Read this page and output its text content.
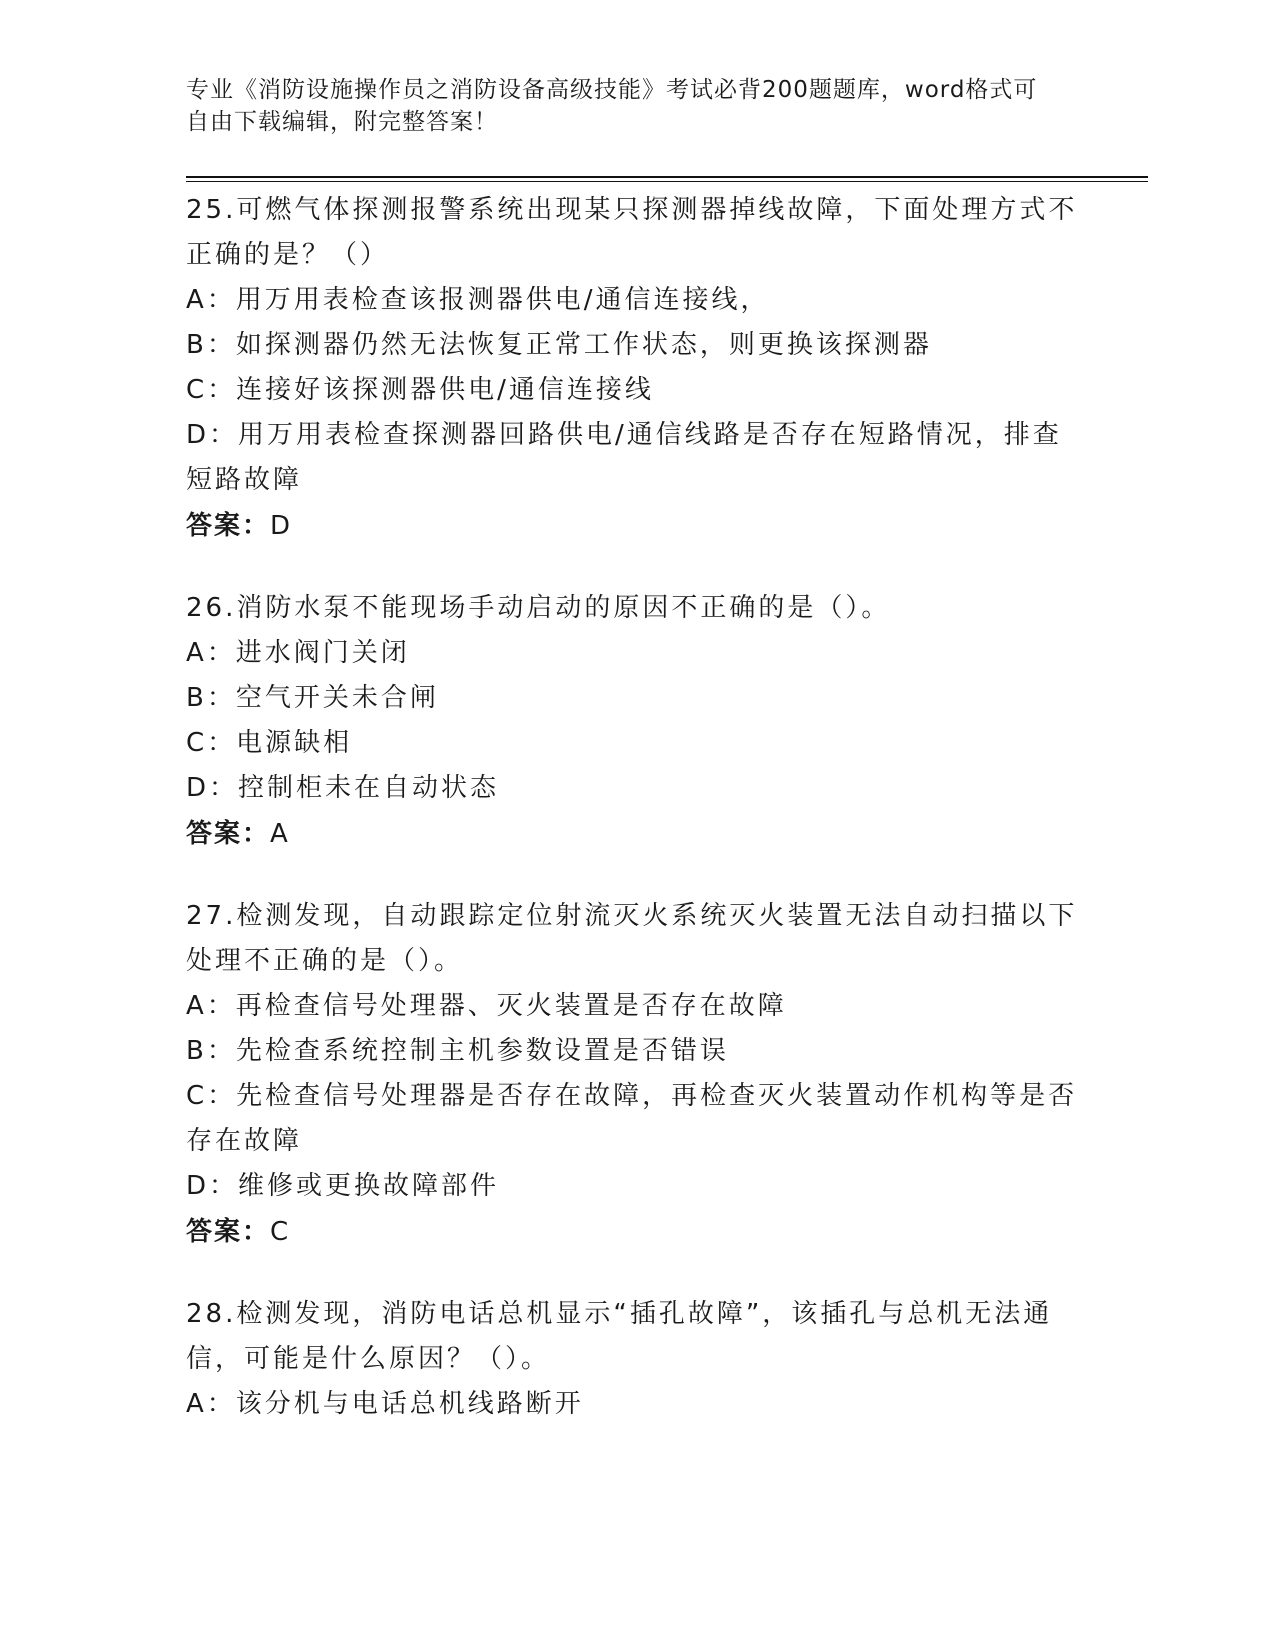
专业《消防设施操作员之消防设备高级技能》考试必背200题题库，word格式可
自由下载编辑，附完整答案！

25.可燃气体探测报警系统出现某只探测器掉线故障，下面处理方式不

正确的是？（）

A：用万用表检查该报测器供电/通信连接线，

B：如探测器仍然无法恢复正常工作状态，则更换该探测器

C：连接好该探测器供电/通信连接线

D：用万用表检查探测器回路供电/通信线路是否存在短路情况，排查

短路故障

答案：D

26.消防水泵不能现场手动启动的原因不正确的是（）。

A：进水阀门关闭

B：空气开关未合闸

C：电源缺相

D：控制柜未在自动状态

答案：A

27.检测发现，自动跟踪定位射流灭火系统灭火装置无法自动扫描以下

处理不正确的是（）。

A：再检查信号处理器、灭火装置是否存在故障

B：先检查系统控制主机参数设置是否错误

C：先检查信号处理器是否存在故障，再检查灭火装置动作机构等是否

存在故障

D：维修或更换故障部件

答案：C

28.检测发现，消防电话总机显示“插孔故障”，该插孔与总机无法通

信，可能是什么原因？（）。

A：该分机与电话总机线路断开
